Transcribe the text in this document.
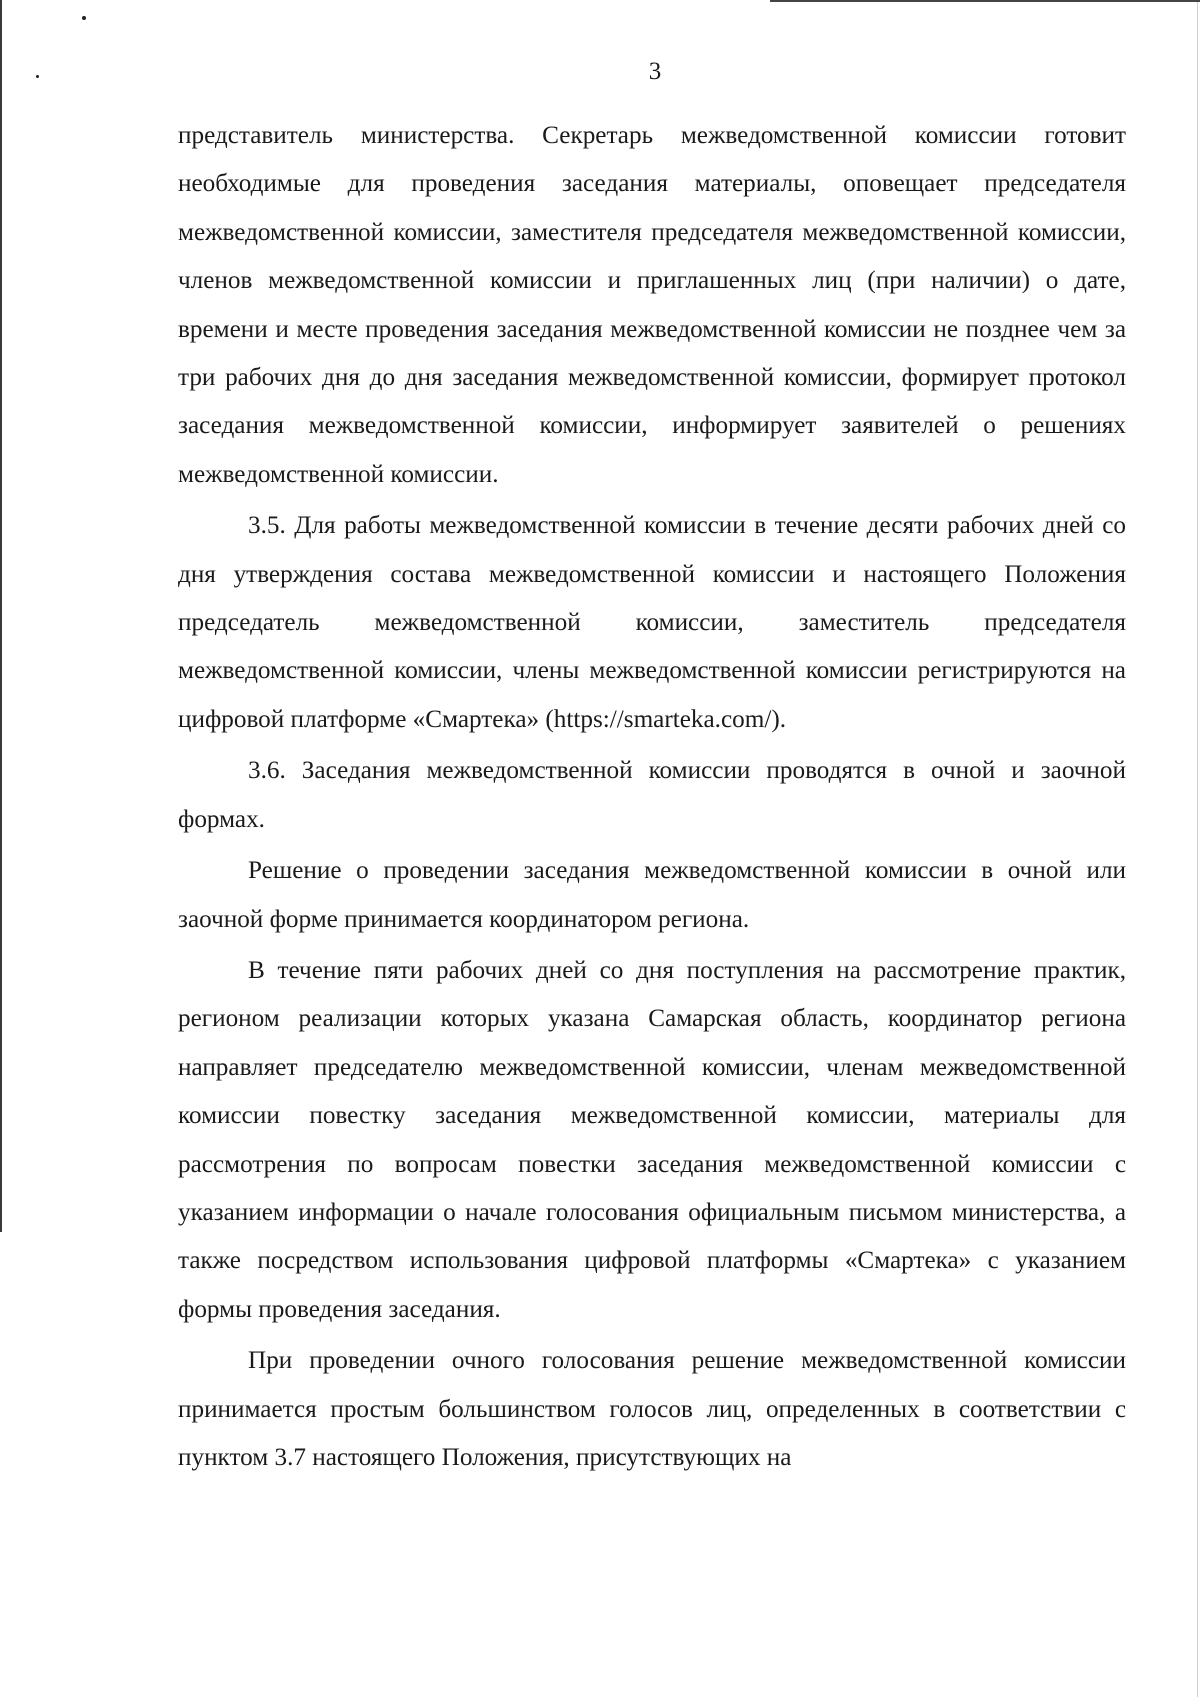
3

представитель министерства. Секретарь межведомственной комиссии готовит необходимые для проведения заседания материалы, оповещает председателя межведомственной комиссии, заместителя председателя межведомственной комиссии, членов межведомственной комиссии и приглашенных лиц (при наличии) о дате, времени и месте проведения заседания межведомственной комиссии не позднее чем за три рабочих дня до дня заседания межведомственной комиссии, формирует протокол заседания межведомственной комиссии, информирует заявителей о решениях межведомственной комиссии.

3.5. Для работы межведомственной комиссии в течение десяти рабочих дней со дня утверждения состава межведомственной комиссии и настоящего Положения председатель межведомственной комиссии, заместитель председателя межведомственной комиссии, члены межведомственной комиссии регистрируются на цифровой платформе «Смартека» (https://smarteka.com/).

3.6. Заседания межведомственной комиссии проводятся в очной и заочной формах.

Решение о проведении заседания межведомственной комиссии в очной или заочной форме принимается координатором региона.

В течение пяти рабочих дней со дня поступления на рассмотрение практик, регионом реализации которых указана Самарская область, координатор региона направляет председателю межведомственной комиссии, членам межведомственной комиссии повестку заседания межведомственной комиссии, материалы для рассмотрения по вопросам повестки заседания межведомственной комиссии с указанием информации о начале голосования официальным письмом министерства, а также посредством использования цифровой платформы «Смартека» с указанием формы проведения заседания.

При проведении очного голосования решение межведомственной комиссии принимается простым большинством голосов лиц, определенных в соответствии с пунктом 3.7 настоящего Положения, присутствующих на
